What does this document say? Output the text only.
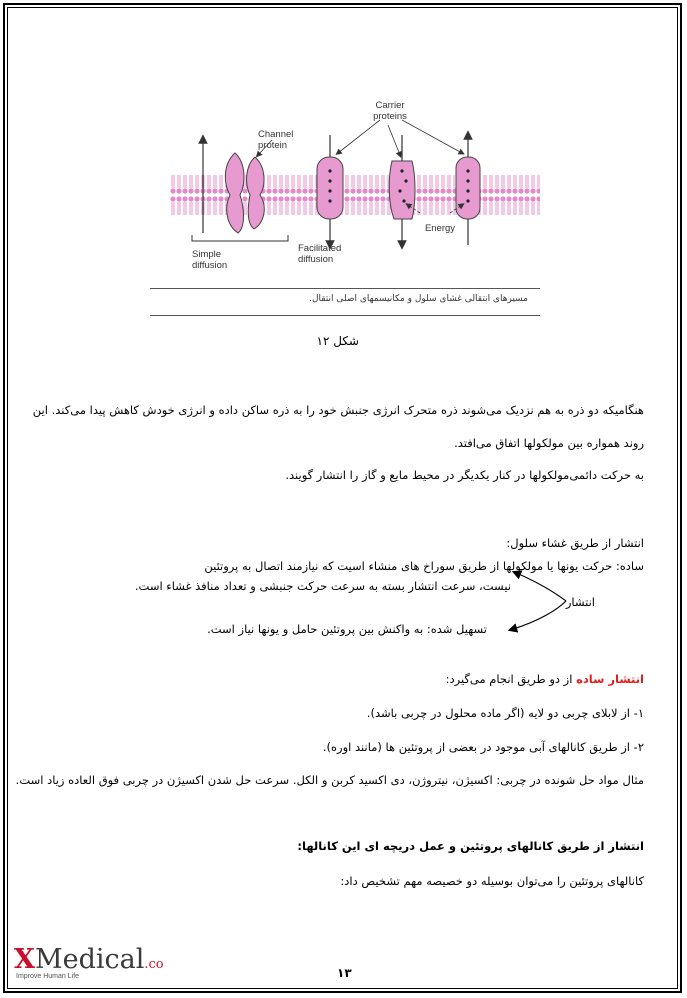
Channel
protein
Carrier
proteins
Simple
diffusion
Facilitated
diffusion
Energy
مسیرهای انتقالی غشای سلول و مکانیسمهای اصلی انتقال.
شکل ۱۲
هنگامیکه دو ذره به هم نزدیک می‌شوند ذره متحرک انرژی جنبش خود را به ذره ساکن داده و انرژی خودش کاهش پیدا می‌کند. این
روند همواره بین مولکولها اتفاق می‌افتد.
به حرکت دائمی‌مولکولها در کنار یکدیگر در محیط مایع و گاز را انتشار گویند.
انتشار از طریق غشاء سلول:
ساده: حرکت یونها یا مولکولها از طریق سوراخ های منشاء اسیت که نیازمند اتصال به پروتئین
نیست، سرعت انتشار بسته به سرعت حرکت جنبشی و تعداد منافذ غشاء است.
انتشار
تسهیل شده: به واکنش بین پروتئین حامل و یونها نیاز است.
انتشار ساده از دو طریق انجام می‌گیرد:
۱- از لابلای چربی دو لایه (اگر ماده محلول در چربی باشد).
۲- از طریق کانالهای آبی موجود در بعضی از پروتئین ها (مانند اوره).
مثال مواد حل شونده در چربی: اکسیژن، نیتروژن، دی اکسید کربن و الکل. سرعت حل شدن اکسیژن در چربی فوق العاده زیاد است.
انتشار از طریق کانالهای پروتئین و عمل دریچه ای این کانالها:
کانالهای پروتئین را می‌توان بوسیله دو خصیصه مهم تشخیص داد:
XMedical.co
Improve Human Life	۱۳
